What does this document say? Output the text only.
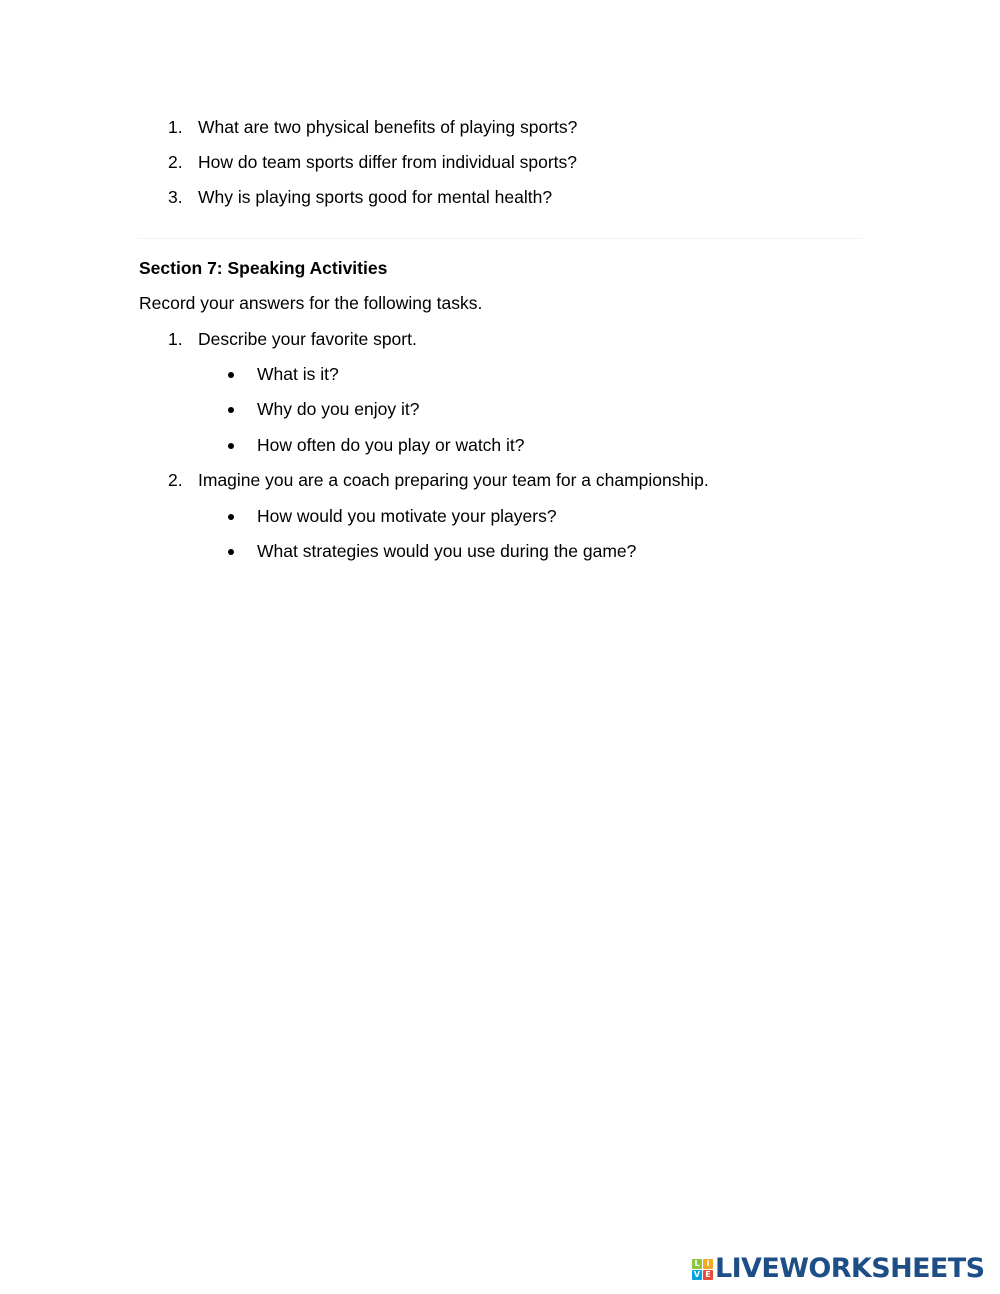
1. What are two physical benefits of playing sports?
2. How do team sports differ from individual sports?
3. Why is playing sports good for mental health?
Section 7: Speaking Activities
Record your answers for the following tasks.
1. Describe your favorite sport.
What is it?
Why do you enjoy it?
How often do you play or watch it?
2. Imagine you are a coach preparing your team for a championship.
How would you motivate your players?
What strategies would you use during the game?
L I
V E LIVEWORKSHEETS
